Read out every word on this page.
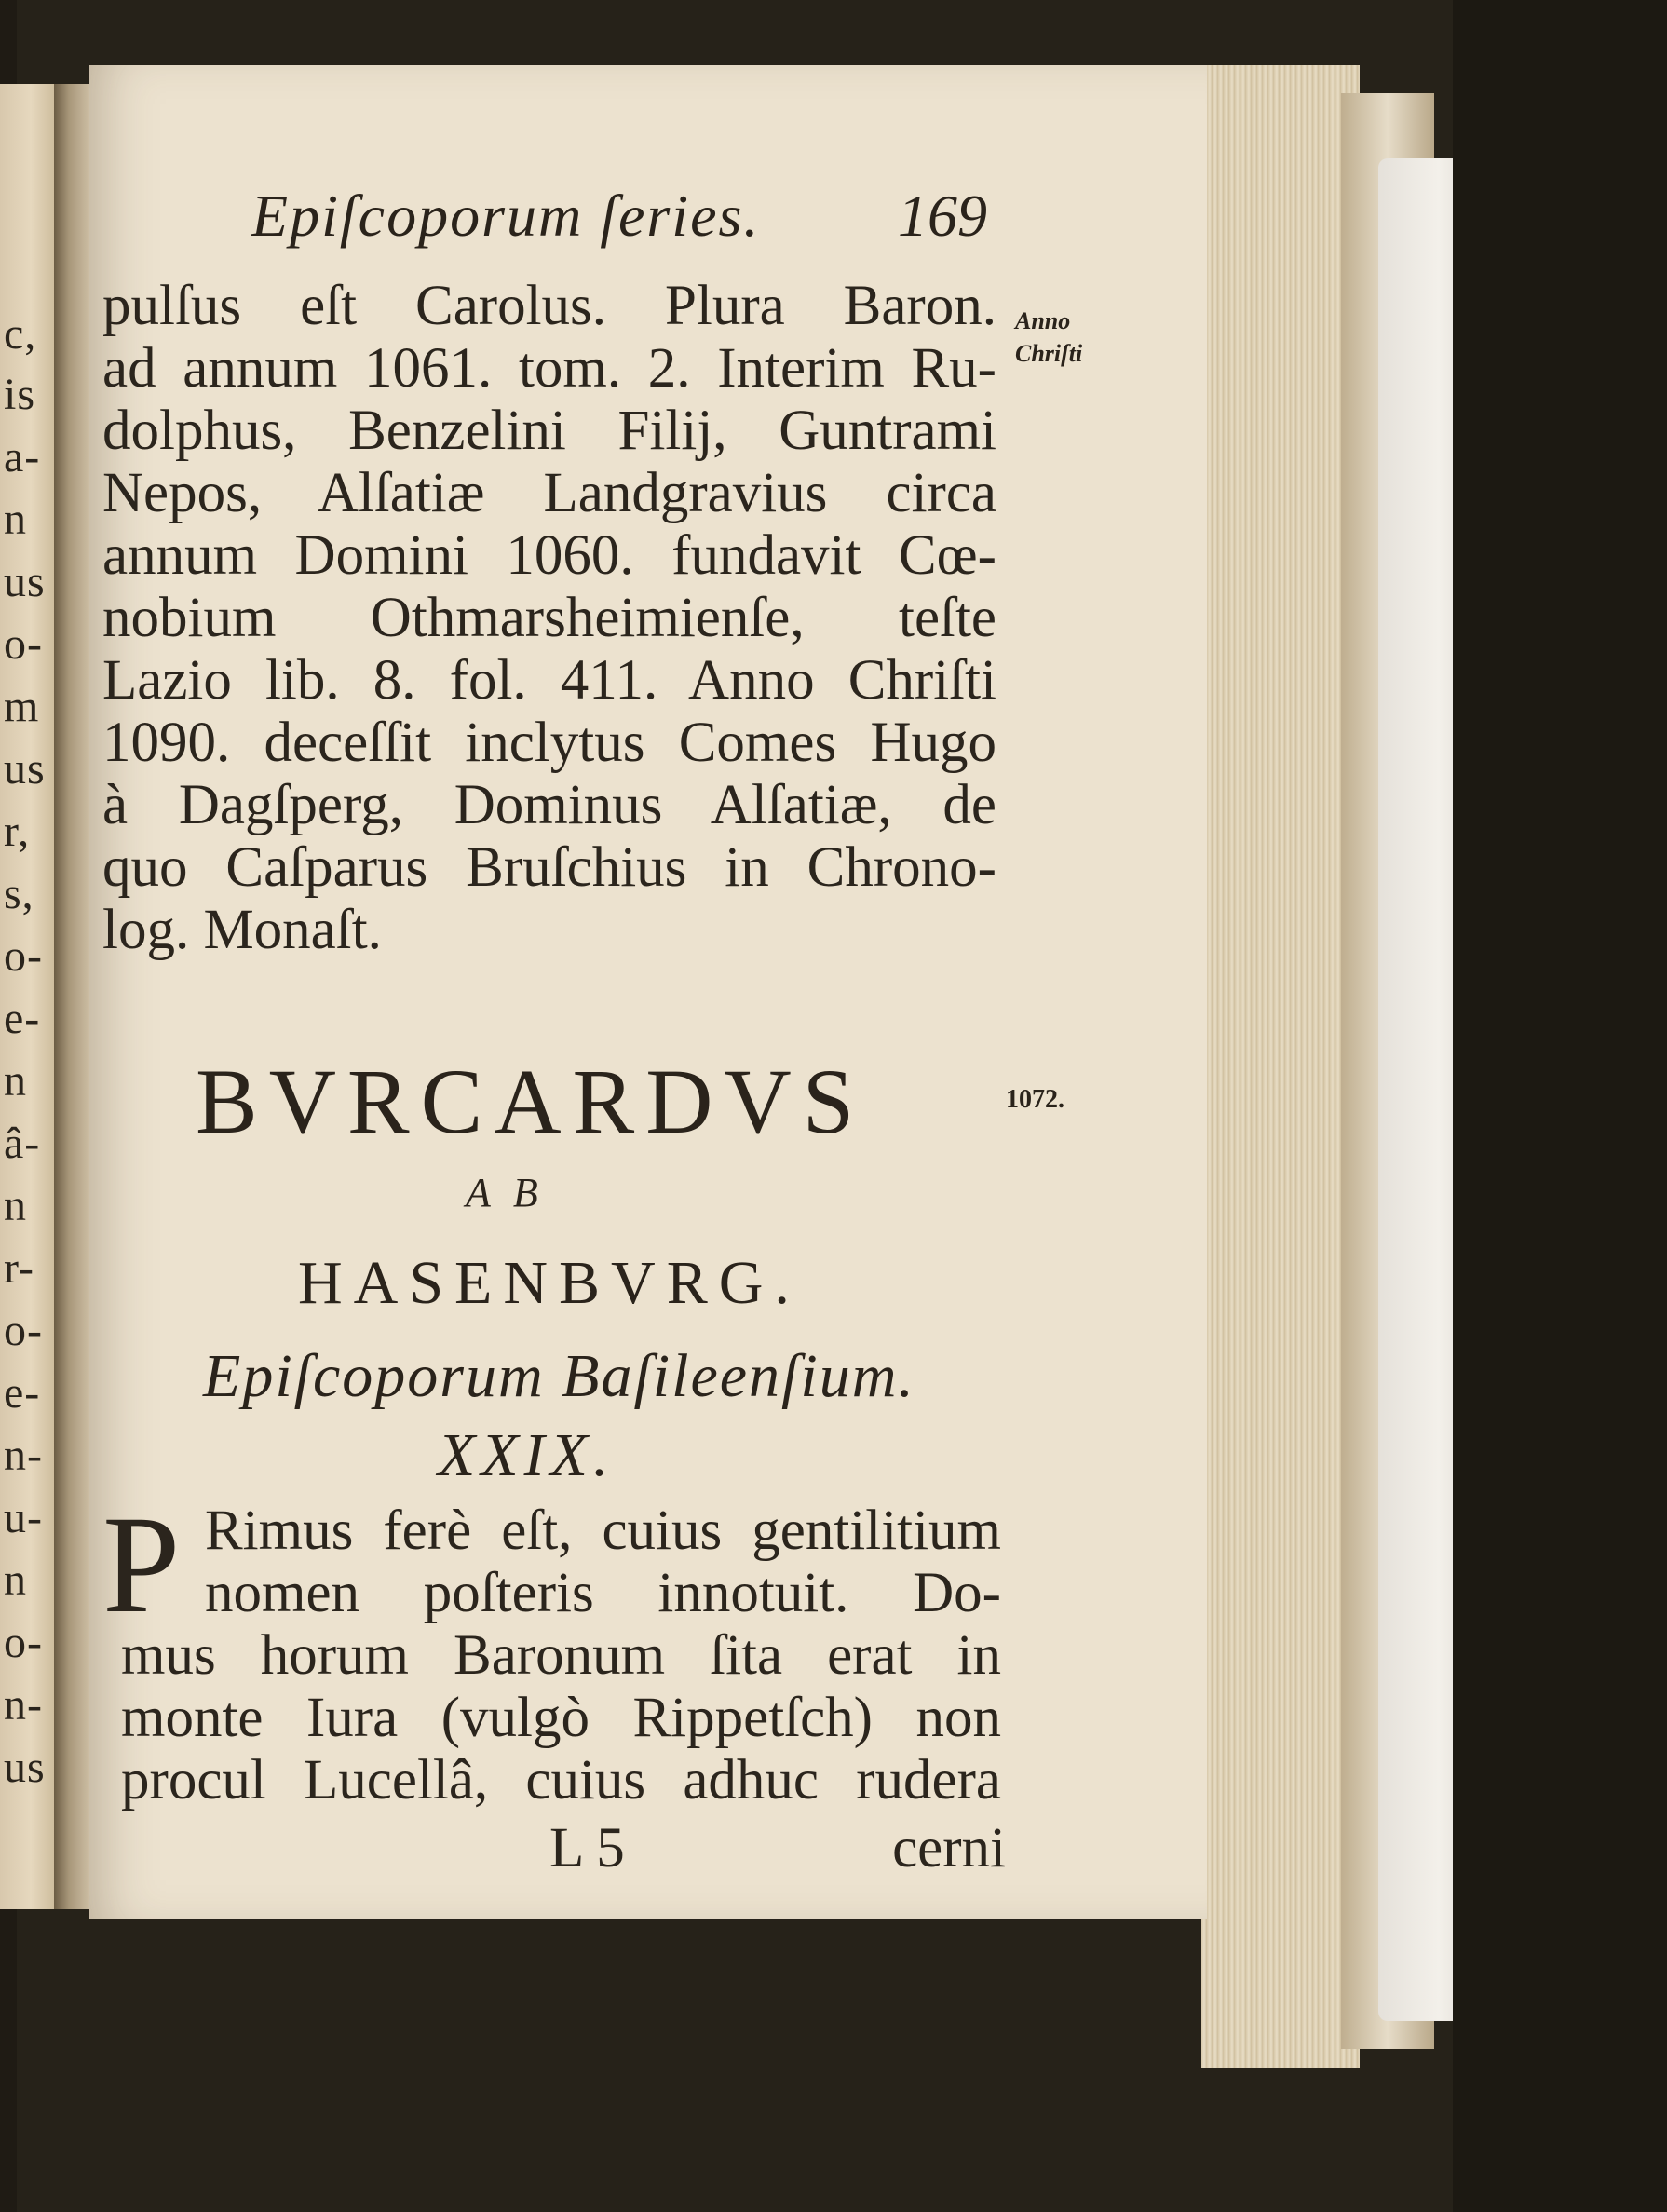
c,
is
a-
n
us
o-
m
us
r,
s,
o-
e-
n
â-
n
r-
o-
e-
n-
u-
n
o-
n-
us
Epiſcoporum ſeries. 169
Anno
Chriſti
1072.
pulſus eſt Carolus. Plura Baron.
ad annum 1061. tom. 2. Interim Ru-
dolphus, Benzelini Filij, Guntrami
Nepos, Alſatiæ Landgravius circa
annum Domini 1060. fundavit Cœ-
nobium Othmarsheimienſe, teſte
Lazio lib. 8. fol. 411. Anno Chriſti
1090. deceſſit inclytus Comes Hugo
à Dagſperg, Dominus Alſatiæ, de
quo Caſparus Bruſchius in Chrono-
log. Monaſt.
BVRCARDVS
AB
HASENBVRG.
Epiſcoporum Baſileenſium.
XXIX.
P Rimus ferè eſt, cuius gentilitium
nomen poſteris innotuit. Do-
mus horum Baronum ſita erat in
monte Iura (vulgò Rippetſch) non
procul Lucellâ, cuius adhuc rudera
L 5	cerni
